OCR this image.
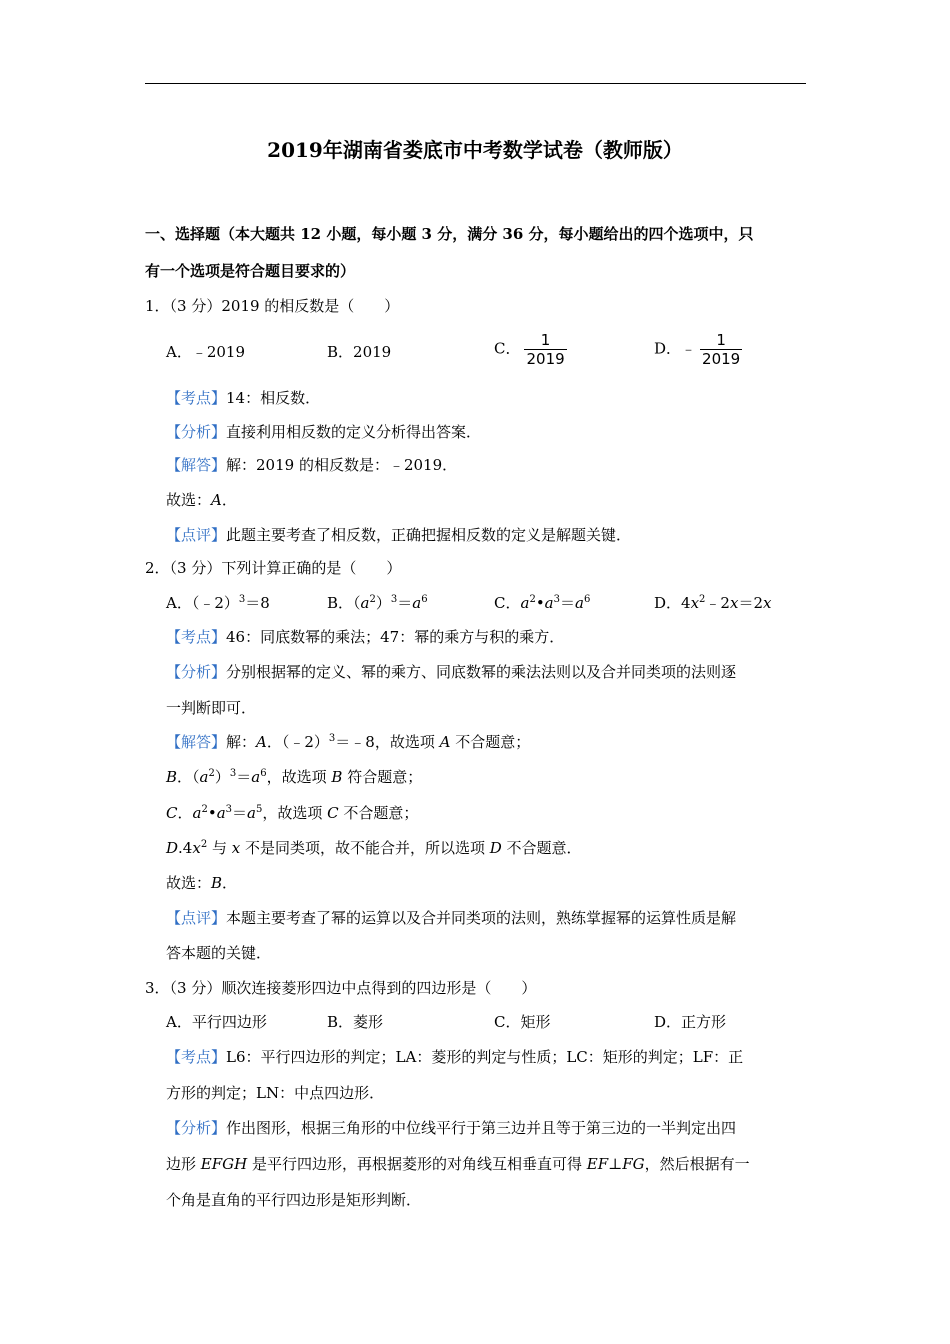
2019年湖南省娄底市中考数学试卷（教师版）
一、选择题（本大题共 12 小题，每小题 3 分，满分 36 分，每小题给出的四个选项中，只
有一个选项是符合题目要求的）
1．（3 分）2019 的相反数是（　　）
A．﹣2019	B．2019	C． $\frac{1}{2019}$	D．﹣ $\frac{1}{2019}$
【考点】14：相反数．
【分析】直接利用相反数的定义分析得出答案．
【解答】解：2019 的相反数是：﹣2019．
故选：A．
【点评】此题主要考查了相反数，正确把握相反数的定义是解题关键．
2．（3 分）下列计算正确的是（　　）
A．（﹣2）$^3$＝8	B．$(a^2)^3=a^6$	C．$a^2•a^3=a^6$	D．$4x^2﹣2x=2x$
【考点】46：同底数幂的乘法；47：幂的乘方与积的乘方．
【分析】分别根据幂的定义、幂的乘方、同底数幂的乘法法则以及合并同类项的法则逐
一判断即可．
【解答】解：A．（﹣2）$^3$＝﹣8，故选项 A 不合题意；
B．$(a^2)^3=a^6$，故选项 B 符合题意；
C．$a^2•a^3=a^5$，故选项 C 不合题意；
$D.4x^2$ 与 x 不是同类项，故不能合并，所以选项 D 不合题意．
故选：B．
【点评】本题主要考查了幂的运算以及合并同类项的法则，熟练掌握幂的运算性质是解
答本题的关键．
3．（3 分）顺次连接菱形四边中点得到的四边形是（　　）
A．平行四边形	B．菱形	C．矩形	D．正方形
【考点】L6：平行四边形的判定；LA：菱形的判定与性质；LC：矩形的判定；LF：正
方形的判定；LN：中点四边形．
【分析】作出图形，根据三角形的中位线平行于第三边并且等于第三边的一半判定出四
边形 EFGH 是平行四边形，再根据菱形的对角线互相垂直可得 EF⊥FG，然后根据有一
个角是直角的平行四边形是矩形判断．
